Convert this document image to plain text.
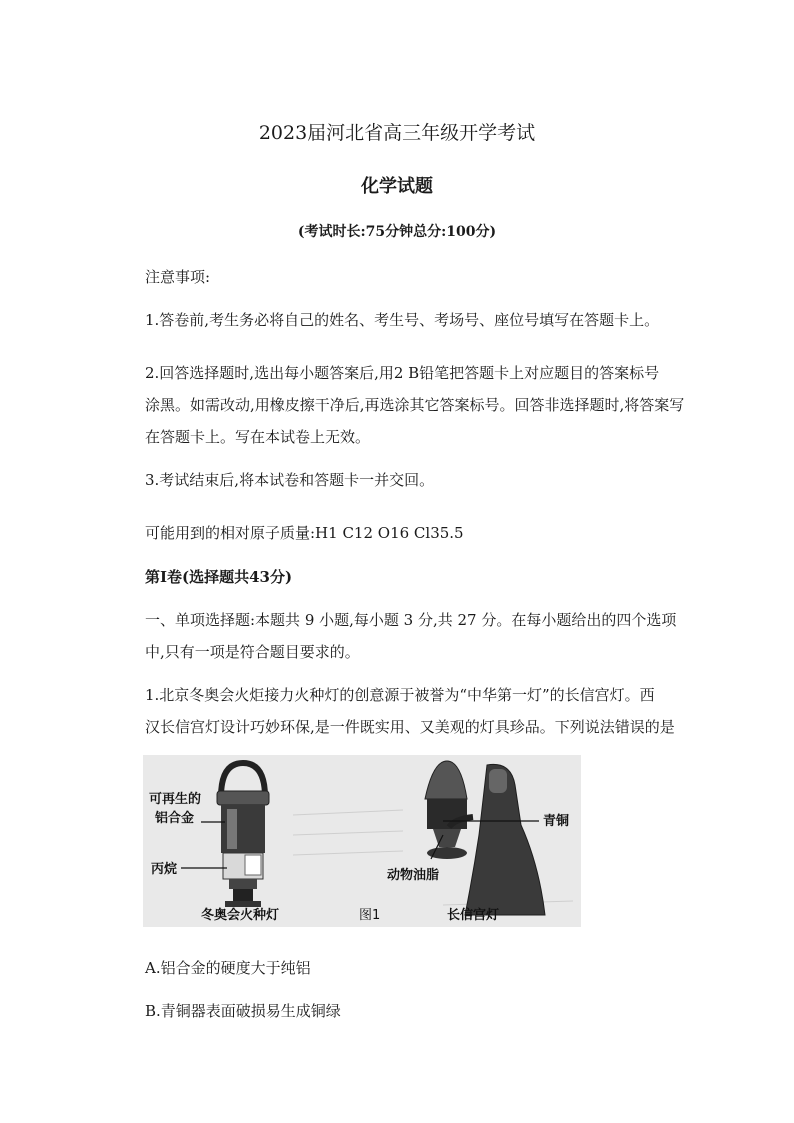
2023届河北省高三年级开学考试
化学试题
(考试时长:75分钟总分:100分)
注意事项:
1.答卷前,考生务必将自己的姓名、考生号、考场号、座位号填写在答题卡上。
2.回答选择题时,选出每小题答案后,用2 B铅笔把答题卡上对应题目的答案标号
涂黑。如需改动,用橡皮擦干净后,再选涂其它答案标号。回答非选择题时,将答案写
在答题卡上。写在本试卷上无效。
3.考试结束后,将本试卷和答题卡一并交回。
可能用到的相对原子质量:H1 C12 O16 Cl35.5
第Ⅰ卷(选择题共43分)
一、单项选择题:本题共 9 小题,每小题 3 分,共 27 分。在每小题给出的四个选项
中,只有一项是符合题目要求的。
1.北京冬奥会火炬接力火种灯的创意源于被誉为“中华第一灯”的长信宫灯。西
汉长信宫灯设计巧妙环保,是一件既实用、又美观的灯具珍品。下列说法错误的是
可再生的
铝合金
丙烷
青铜
动物油脂
冬奥会火种灯	图1	长信宫灯
A.铝合金的硬度大于纯铝
B.青铜器表面破损易生成铜绿
